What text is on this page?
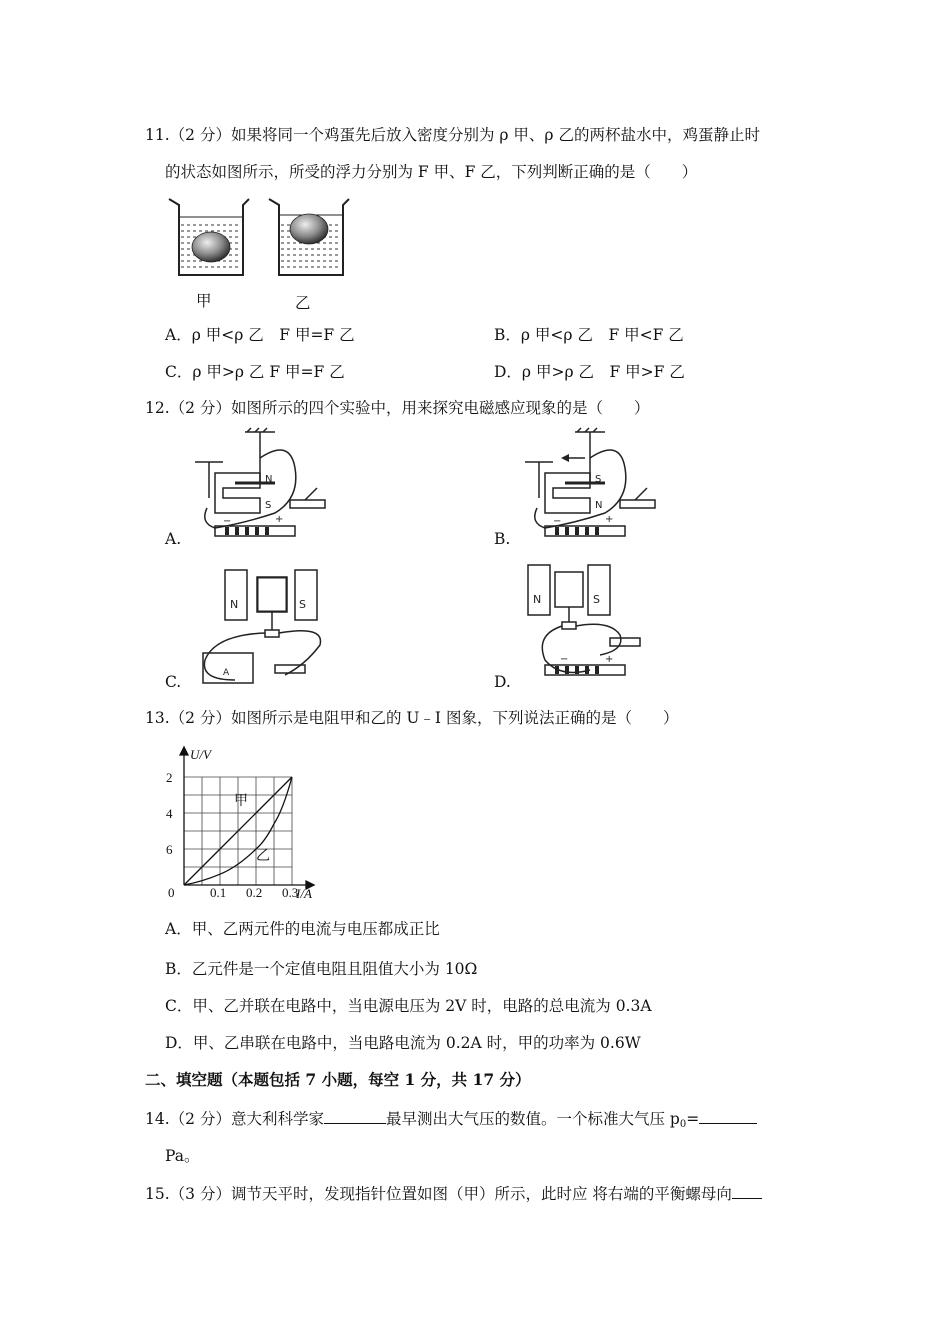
11.（2 分）如果将同一个鸡蛋先后放入密度分别为 ρ 甲、ρ 乙的两杯盐水中，鸡蛋静止时
的状态如图所示，所受的浮力分别为 F 甲、F 乙，下列判断正确的是（　　）
甲	乙
A．ρ 甲<ρ 乙　F 甲=F 乙	B．ρ 甲<ρ 乙　F 甲<F 乙
C．ρ 甲>ρ 乙 F 甲=F 乙	D．ρ 甲>ρ 乙　F 甲>F 乙
12.（2 分）如图所示的四个实验中，用来探究电磁感应现象的是（　　）
N
S
−	+
A.
S
N
−	+
B.
N	S
A
C.
N	S
−	+
D.
13.（2 分）如图所示是电阻甲和乙的 U﹣I 图象，下列说法正确的是（　　）
U/V
I/A
6
4
2
0	0.1 0.2 0.3
甲
乙
A．甲、乙两元件的电流与电压都成正比
B．乙元件是一个定值电阻且阻值大小为 10Ω
C．甲、乙并联在电路中，当电源电压为 2V 时，电路的总电流为 0.3A
D．甲、乙串联在电路中，当电路电流为 0.2A 时，甲的功率为 0.6W
二、填空题（本题包括 7 小题，每空 1 分，共 17 分）
14.（2 分）意大利科学家	最早测出大气压的数值。一个标准大气压 p0=
Pa。
15.（3 分）调节天平时，发现指针位置如图（甲）所示，此时应 将右端的平衡螺母向
